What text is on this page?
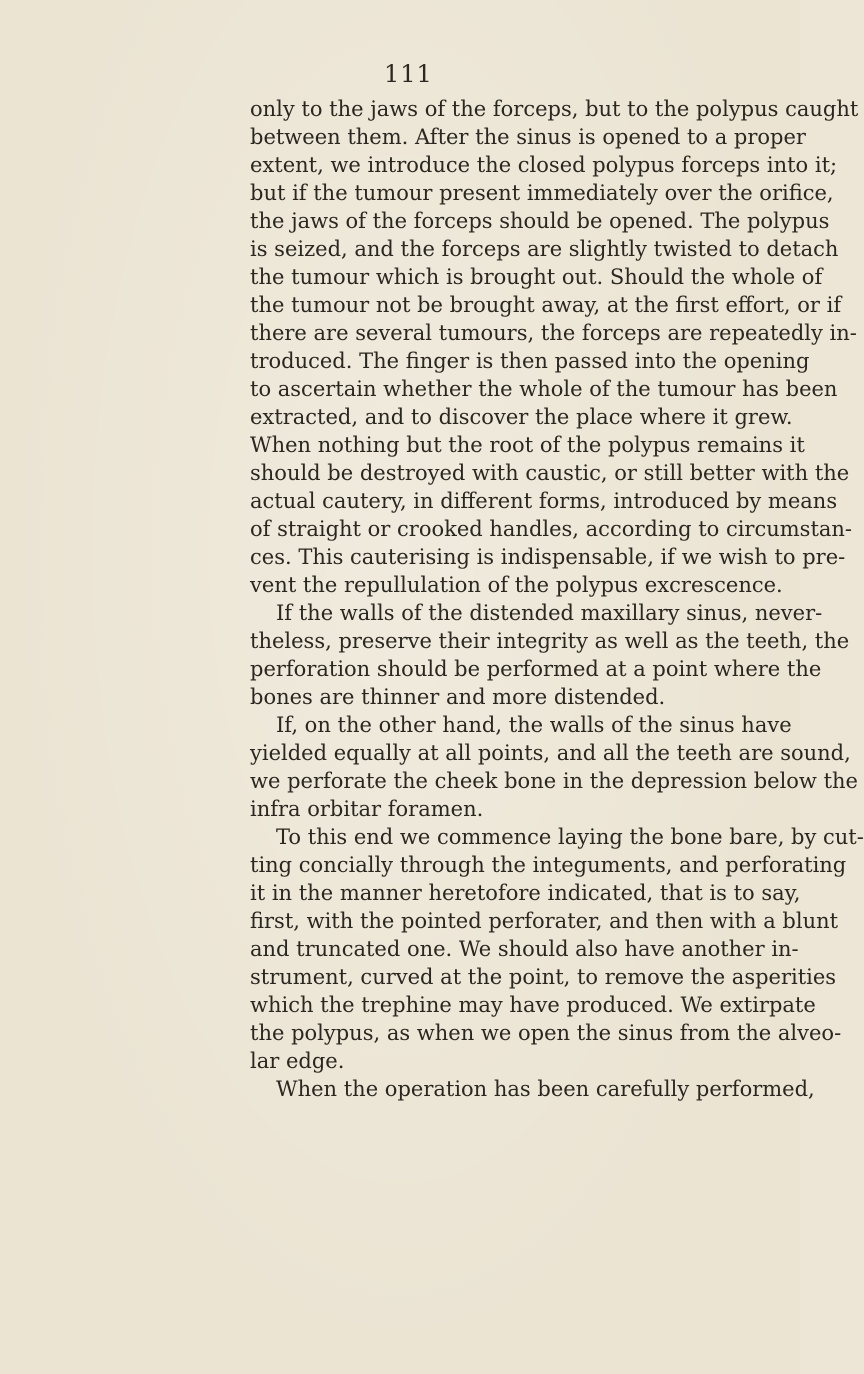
111
only to the jaws of the forceps, but to the polypus caught
between them. After the sinus is opened to a proper
extent, we introduce the closed polypus forceps into it;
but if the tumour present immediately over the orifice,
the jaws of the forceps should be opened. The polypus
is seized, and the forceps are slightly twisted to detach
the tumour which is brought out. Should the whole of
the tumour not be brought away, at the first effort, or if
there are several tumours, the forceps are repeatedly in-
troduced. The finger is then passed into the opening
to ascertain whether the whole of the tumour has been
extracted, and to discover the place where it grew.
When nothing but the root of the polypus remains it
should be destroyed with caustic, or still better with the
actual cautery, in different forms, introduced by means
of straight or crooked handles, according to circumstan-
ces. This cauterising is indispensable, if we wish to pre-
vent the repullulation of the polypus excrescence.
If the walls of the distended maxillary sinus, never-
theless, preserve their integrity as well as the teeth, the
perforation should be performed at a point where the
bones are thinner and more distended.
If, on the other hand, the walls of the sinus have
yielded equally at all points, and all the teeth are sound,
we perforate the cheek bone in the depression below the
infra orbitar foramen.
To this end we commence laying the bone bare, by cut-
ting concially through the integuments, and perforating
it in the manner heretofore indicated, that is to say,
first, with the pointed perforater, and then with a blunt
and truncated one. We should also have another in-
strument, curved at the point, to remove the asperities
which the trephine may have produced. We extirpate
the polypus, as when we open the sinus from the alveo-
lar edge.
When the operation has been carefully performed,
